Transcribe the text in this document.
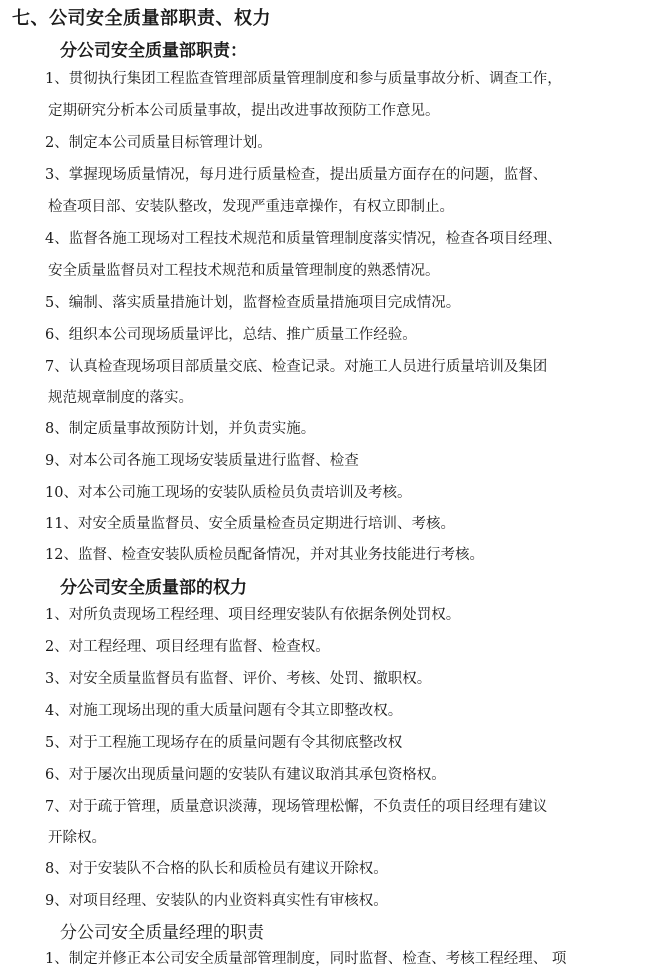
七、公司安全质量部职责、权力
分公司安全质量部职责：
1、贯彻执行集团工程监查管理部质量管理制度和参与质量事故分析、调查工作，
定期研究分析本公司质量事故，提出改进事故预防工作意见。
2、制定本公司质量目标管理计划。
3、掌握现场质量情况，每月进行质量检查，提出质量方面存在的问题，监督、
检查项目部、安装队整改，发现严重违章操作，有权立即制止。
4、监督各施工现场对工程技术规范和质量管理制度落实情况，检查各项目经理、
安全质量监督员对工程技术规范和质量管理制度的熟悉情况。
5、编制、落实质量措施计划，监督检查质量措施项目完成情况。
6、组织本公司现场质量评比，总结、推广质量工作经验。
7、认真检查现场项目部质量交底、检查记录。对施工人员进行质量培训及集团
规范规章制度的落实。
8、制定质量事故预防计划，并负责实施。
9、对本公司各施工现场安装质量进行监督、检查
10、对本公司施工现场的安装队质检员负责培训及考核。
11、对安全质量监督员、安全质量检查员定期进行培训、考核。
12、监督、检查安装队质检员配备情况，并对其业务技能进行考核。
分公司安全质量部的权力
1、对所负责现场工程经理、项目经理安装队有依据条例处罚权。
2、对工程经理、项目经理有监督、检查权。
3、对安全质量监督员有监督、评价、考核、处罚、撤职权。
4、对施工现场出现的重大质量问题有令其立即整改权。
5、对于工程施工现场存在的质量问题有令其彻底整改权
6、对于屡次出现质量问题的安装队有建议取消其承包资格权。
7、对于疏于管理，质量意识淡薄，现场管理松懈，不负责任的项目经理有建议
开除权。
8、对于安装队不合格的队长和质检员有建议开除权。
9、对项目经理、安装队的内业资料真实性有审核权。
分公司安全质量经理的职责
1、制定并修正本公司安全质量部管理制度，同时监督、检查、考核工程经理、 项
